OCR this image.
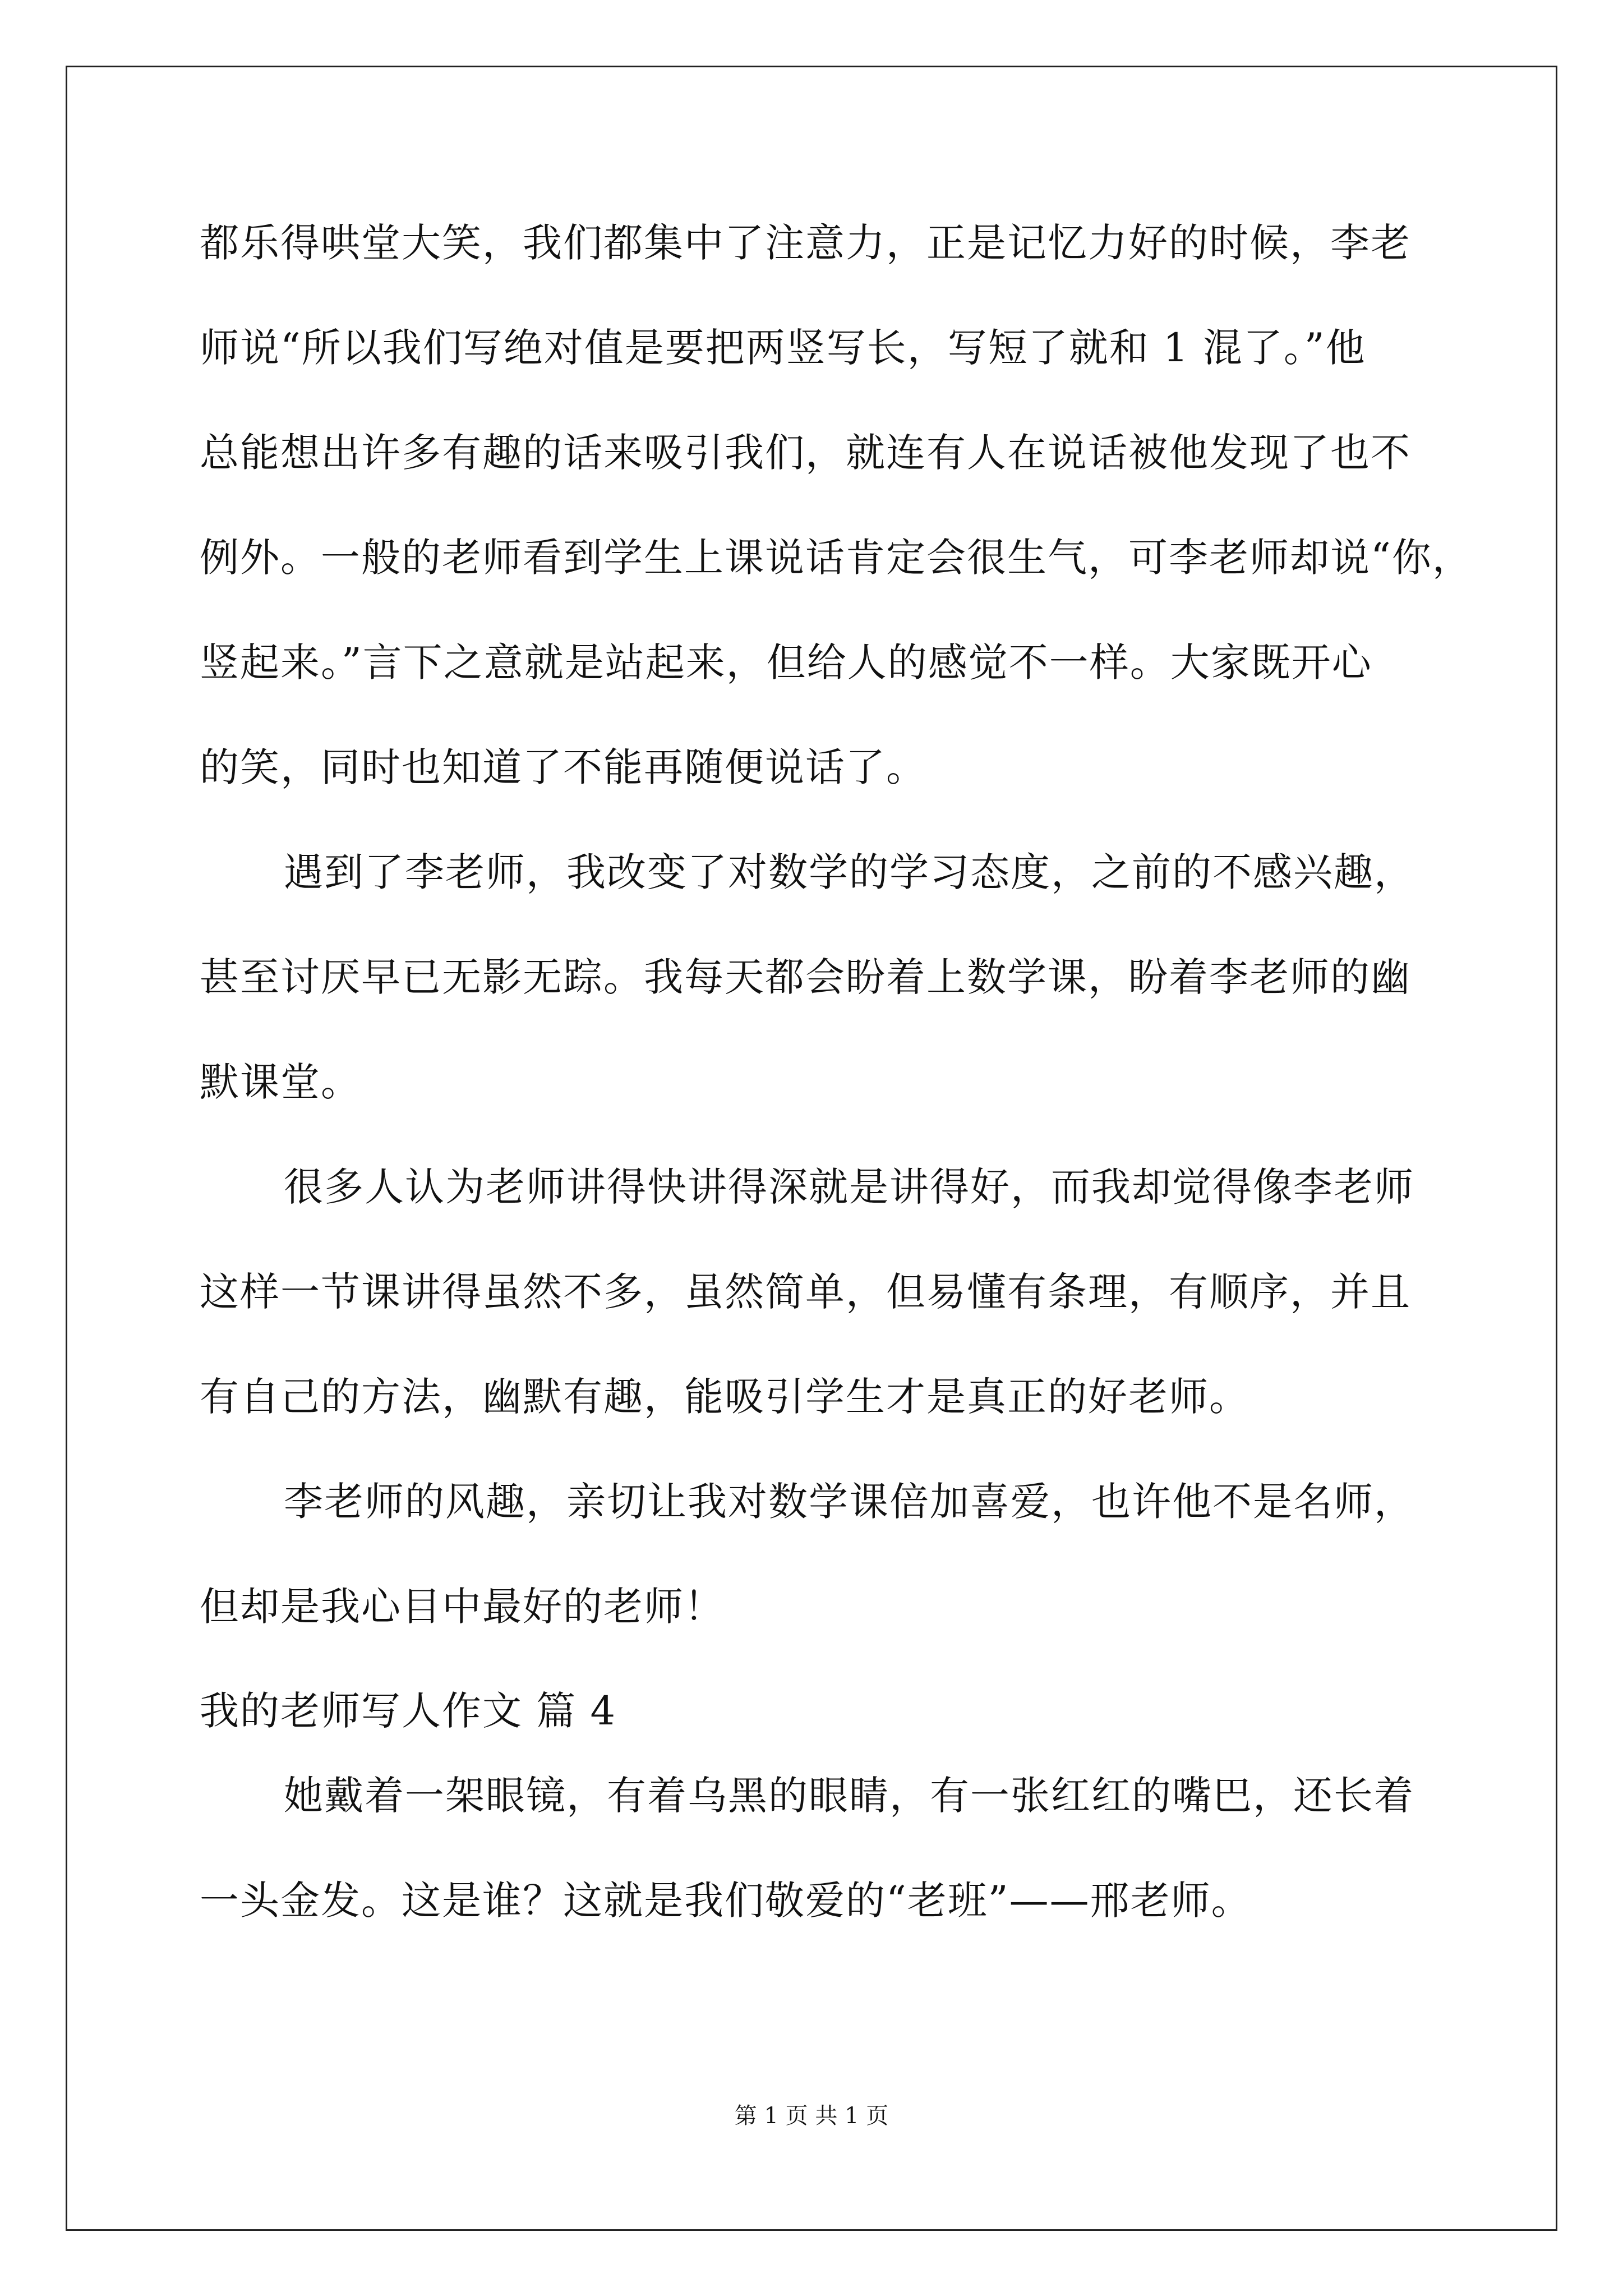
都乐得哄堂大笑，我们都集中了注意力，正是记忆力好的时候，李老
师说“所以我们写绝对值是要把两竖写长，写短了就和 1 混了。”他
总能想出许多有趣的话来吸引我们，就连有人在说话被他发现了也不
例外。一般的老师看到学生上课说话肯定会很生气，可李老师却说“你，
竖起来。”言下之意就是站起来，但给人的感觉不一样。大家既开心
的笑，同时也知道了不能再随便说话了。
遇到了李老师，我改变了对数学的学习态度，之前的不感兴趣，
甚至讨厌早已无影无踪。我每天都会盼着上数学课，盼着李老师的幽
默课堂。
很多人认为老师讲得快讲得深就是讲得好，而我却觉得像李老师
这样一节课讲得虽然不多，虽然简单，但易懂有条理，有顺序，并且
有自己的方法，幽默有趣，能吸引学生才是真正的好老师。
李老师的风趣，亲切让我对数学课倍加喜爱，也许他不是名师，
但却是我心目中最好的老师！
我的老师写人作文 篇 4
她戴着一架眼镜，有着乌黑的眼睛，有一张红红的嘴巴，还长着
一头金发。这是谁？这就是我们敬爱的“老班”——邢老师。
第 1 页 共 1 页
